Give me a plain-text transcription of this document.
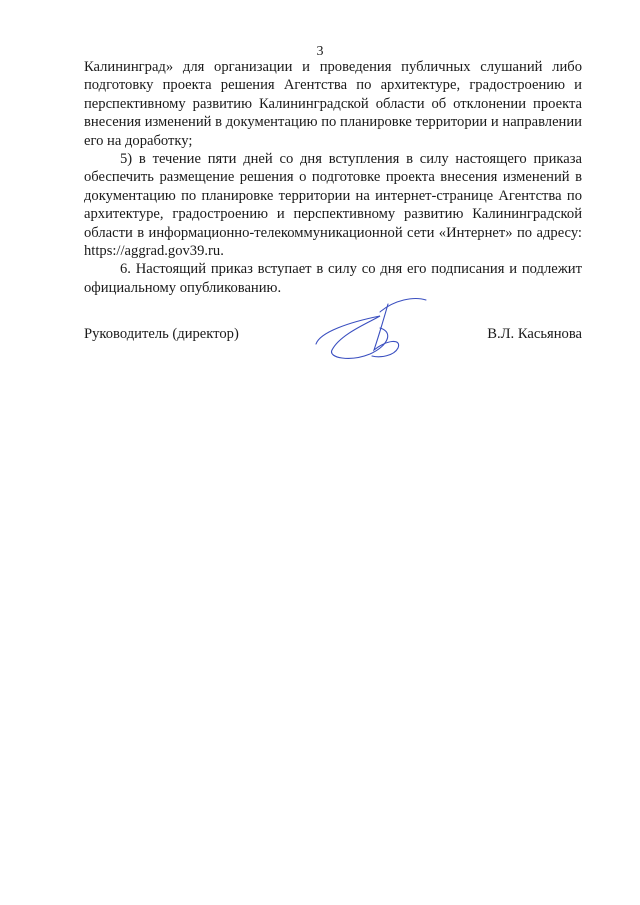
3

Калининград» для организации и проведения публичных слушаний либо подготовку проекта решения Агентства по архитектуре, градостроению и перспективному развитию Калининградской области об отклонении проекта внесения изменений в документацию по планировке территории и направлении его на доработку;

5) в течение пяти дней со дня вступления в силу настоящего приказа обеспечить размещение решения о подготовке проекта внесения изменений в документацию по планировке территории на интернет-странице Агентства по архитектуре, градостроению и перспективному развитию Калининградской области в информационно-телекоммуникационной сети «Интернет» по адресу: https://aggrad.gov39.ru.

6. Настоящий приказ вступает в силу со дня его подписания и подлежит официальному опубликованию.

Руководитель (директор)	В.Л. Касьянова
